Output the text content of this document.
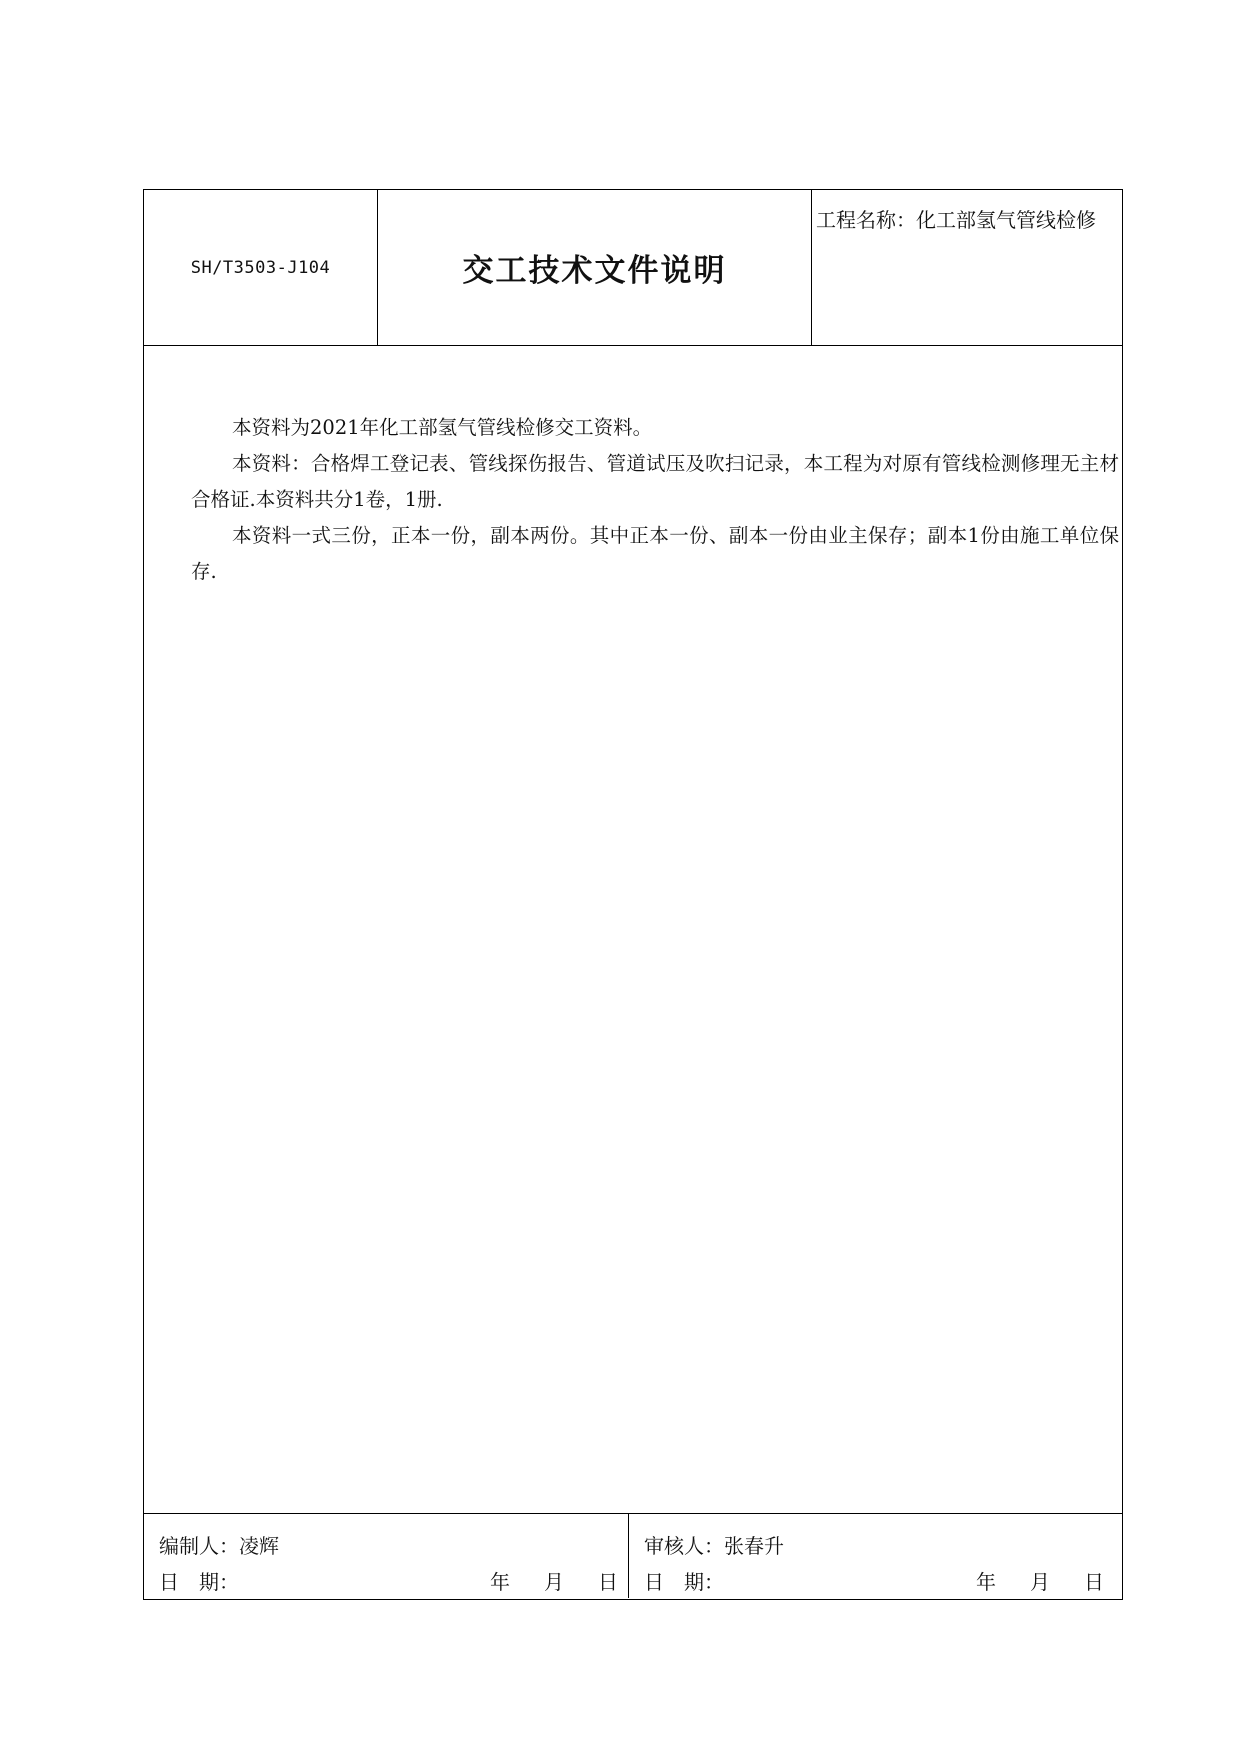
SH/T3503-J104	交工技术文件说明
工程名称：化工部氢气管线检修

本资料为2021年化工部氢气管线检修交工资料。

本资料：合格焊工登记表、管线探伤报告、管道试压及吹扫记录，本工程为对原有管线检测修理无主材合格证.本资料共分1卷，1册.

本资料一式三份，正本一份，副本两份。其中正本一份、副本一份由业主保存；副本1份由施工单位保存.

编制人：凌辉
日　期：	年 月 日
审核人：张春升
日　期：	年 月 日
